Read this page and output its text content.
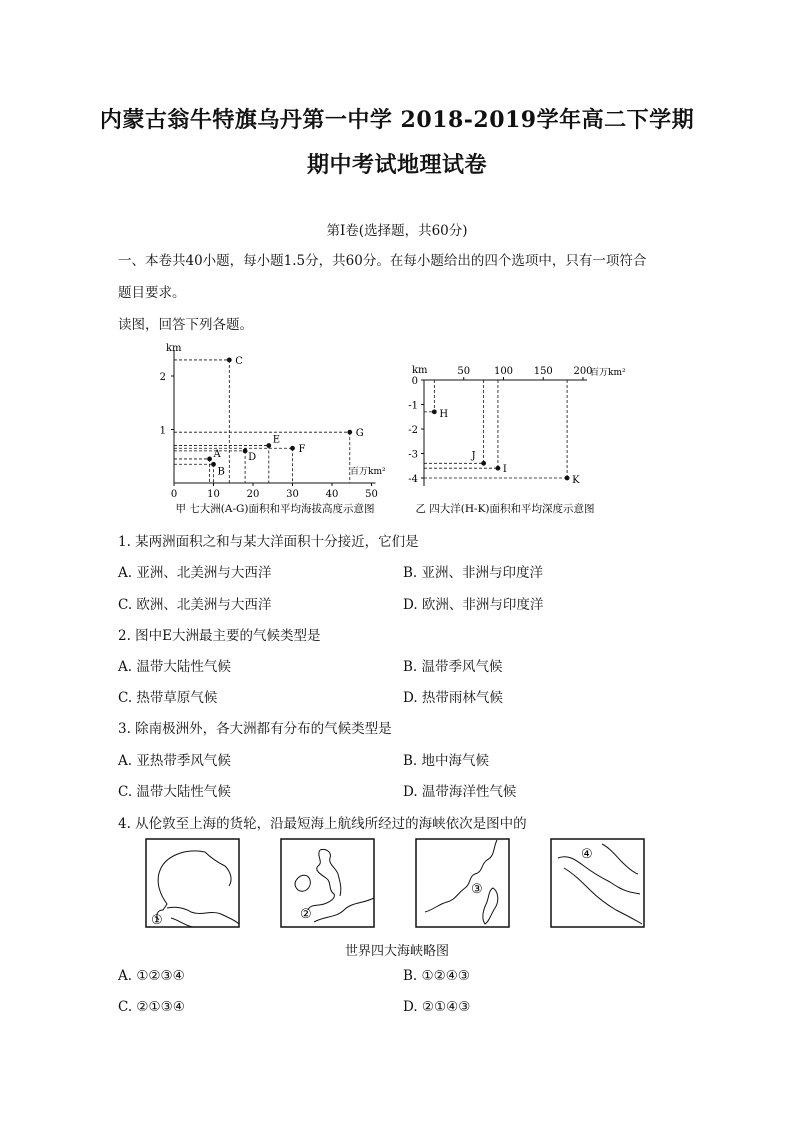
内蒙古翁牛特旗乌丹第一中学 2018-2019学年高二下学期
期中考试地理试卷
第Ⅰ卷(选择题，共60分)
一、本卷共40小题，每小题1.5分，共60分。在每小题给出的四个选项中，只有一项符合
题目要求。
读图，回答下列各题。
0	10	20	30	40	50
2
1
A
B
C
D
E
F
G
km
百万km²
甲 七大洲(A-G)面积和平均海拔高度示意图
50 100 150 200
0
-1
-2
-3
-4
H
J
I
K
km	百万km²
乙 四大洋(H-K)面积和平均深度示意图
1. 某两洲面积之和与某大洋面积十分接近，它们是
A. 亚洲、北美洲与大西洋	B. 亚洲、非洲与印度洋
C. 欧洲、北美洲与大西洋	D. 欧洲、非洲与印度洋
2. 图中E大洲最主要的气候类型是
A. 温带大陆性气候	B. 温带季风气候
C. 热带草原气候	D. 热带雨林气候
3. 除南极洲外，各大洲都有分布的气候类型是
A. 亚热带季风气候	B. 地中海气候
C. 温带大陆性气候	D. 温带海洋性气候
4. 从伦敦至上海的货轮，沿最短海上航线所经过的海峡依次是图中的
①	②
③
④
世界四大海峡略图
A. ①②③④	B. ①②④③
C. ②①③④	D. ②①④③
